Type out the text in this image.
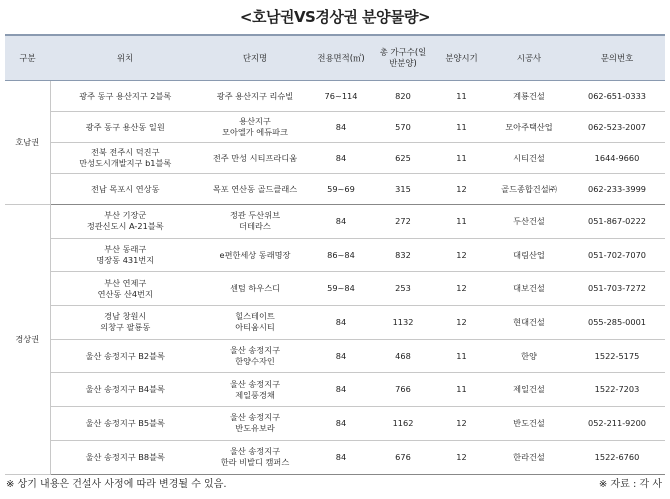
<호남권VS경상권 분양물량>
구분	위치	단지명	전용면적(㎡)	총 가구수(일
반분양)	분양시기	시공사	문의번호
호남권	광주 동구 용산지구 2블록	광주 용산지구 리슈빌	76~114	820	11	계룡건설	062-651-0333
	광주 동구 용산동 일원	용산지구
모아엘가 에듀파크	84	570	11	모아주택산업	062-523-2007
	전북 전주시 덕진구
만성도시개발지구 b1블록	전주 만성 시티프라디움	84	625	11	시티건설	1644-9660
	전남 목포시 연상동	목포 연산동 골드클래스	59~69	315	12	골드종합건설㈜	062-233-3999
경상권	부산 기장군
정관신도시 A-21블록	정관 두산위브
더테라스	84	272	11	두산건설	051-867-0222
	부산 동래구
명장동 431번지	e편한세상 동래명장	86~84	832	12	대림산업	051-702-7070
	부산 연제구
연산동 산4번지	센텀 하우스디	59~84	253	12	대보건설	051-703-7272
	경남 창원시
의창구 팔룡동	힐스테이트
아티움시티	84	1132	12	현대건설	055-285-0001
	울산 송정지구 B2블록	울산 송정지구
한양수자인	84	468	11	한양	1522-5175
	울산 송정지구 B4블록	울산 송정지구
제일풍경채	84	766	11	제일건설	1522-7203
	울산 송정지구 B5블록	울산 송정지구
반도유보라	84	1162	12	반도건설	052-211-9200
	울산 송정지구 B8블록	울산 송정지구
한라 비발디 캠퍼스	84	676	12	한라건설	1522-6760
※ 상기 내용은 건설사 사정에 따라 변경될 수 있음.	※ 자료 : 각 사
